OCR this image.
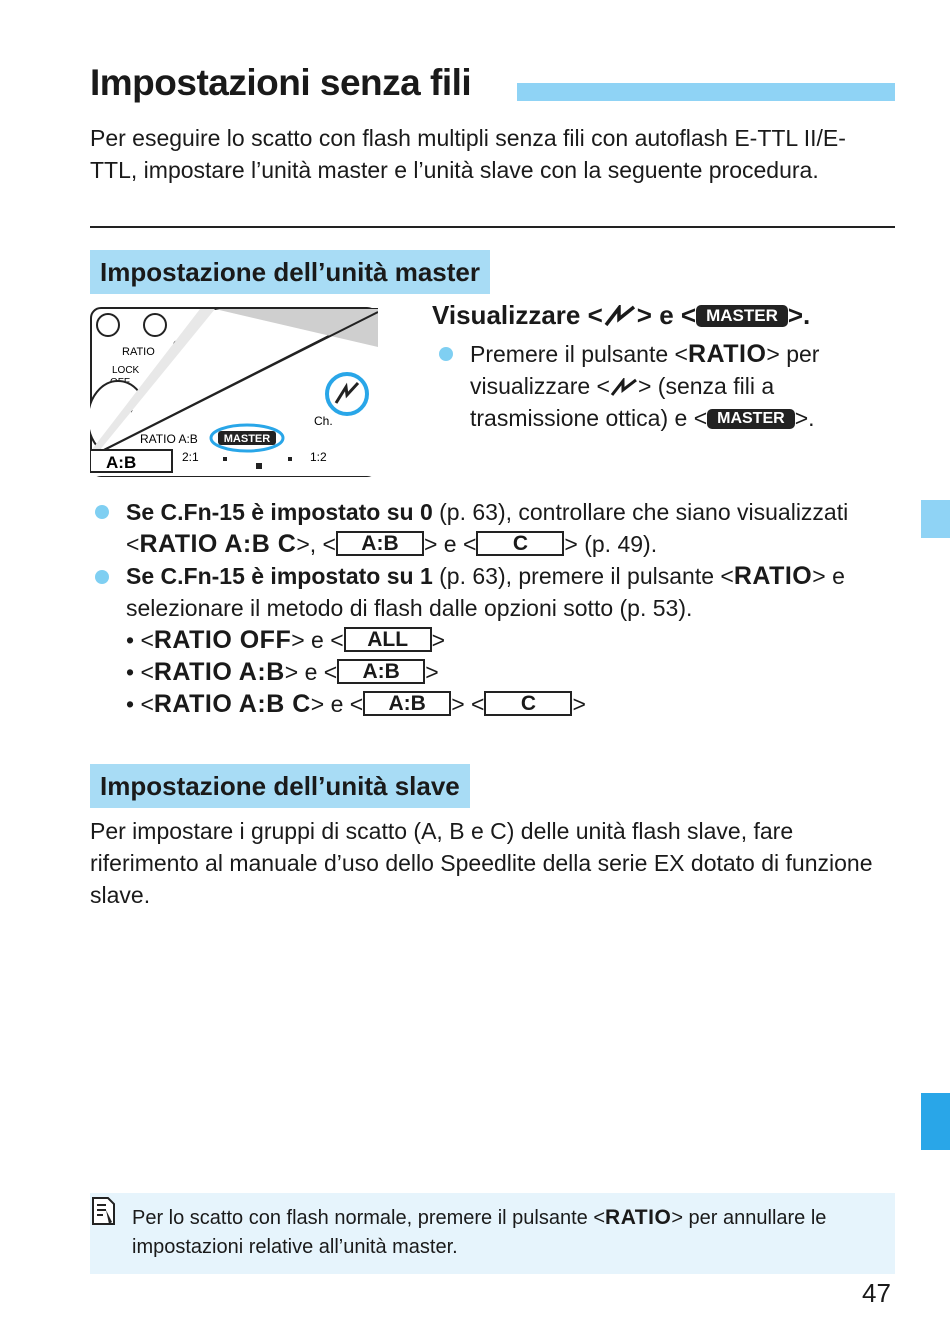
Impostazioni senza fili
Per eseguire lo scatto con flash multipli senza fili con autoflash E-TTL II/E-TTL, impostare l’unità master e l’unità slave con la seguente procedura.
Impostazione dell’unità master
RATIO
LOCK
Ch.
RATIO A:B MASTER
A:B	2:1	1:2
Visualizzare < > e < MASTER >.
Premere il pulsante <RATIO> per visualizzare < > (senza fili a trasmissione ottica) e < MASTER >.
Se C.Fn-15 è impostato su 0 (p. 63), controllare che siano visualizzati <RATIO A:B C>, < A:B > e < C > (p. 49).
Se C.Fn-15 è impostato su 1 (p. 63), premere il pulsante <RATIO> e selezionare il metodo di flash dalle opzioni sotto (p. 53).
• <RATIO OFF> e < ALL >
• <RATIO A:B> e < A:B >
• <RATIO A:B C> e < A:B > < C >
Impostazione dell’unità slave
Per impostare i gruppi di scatto (A, B e C) delle unità flash slave, fare riferimento al manuale d’uso dello Speedlite della serie EX dotato di funzione slave.
Per lo scatto con flash normale, premere il pulsante <RATIO> per annullare le impostazioni relative all’unità master.
47
